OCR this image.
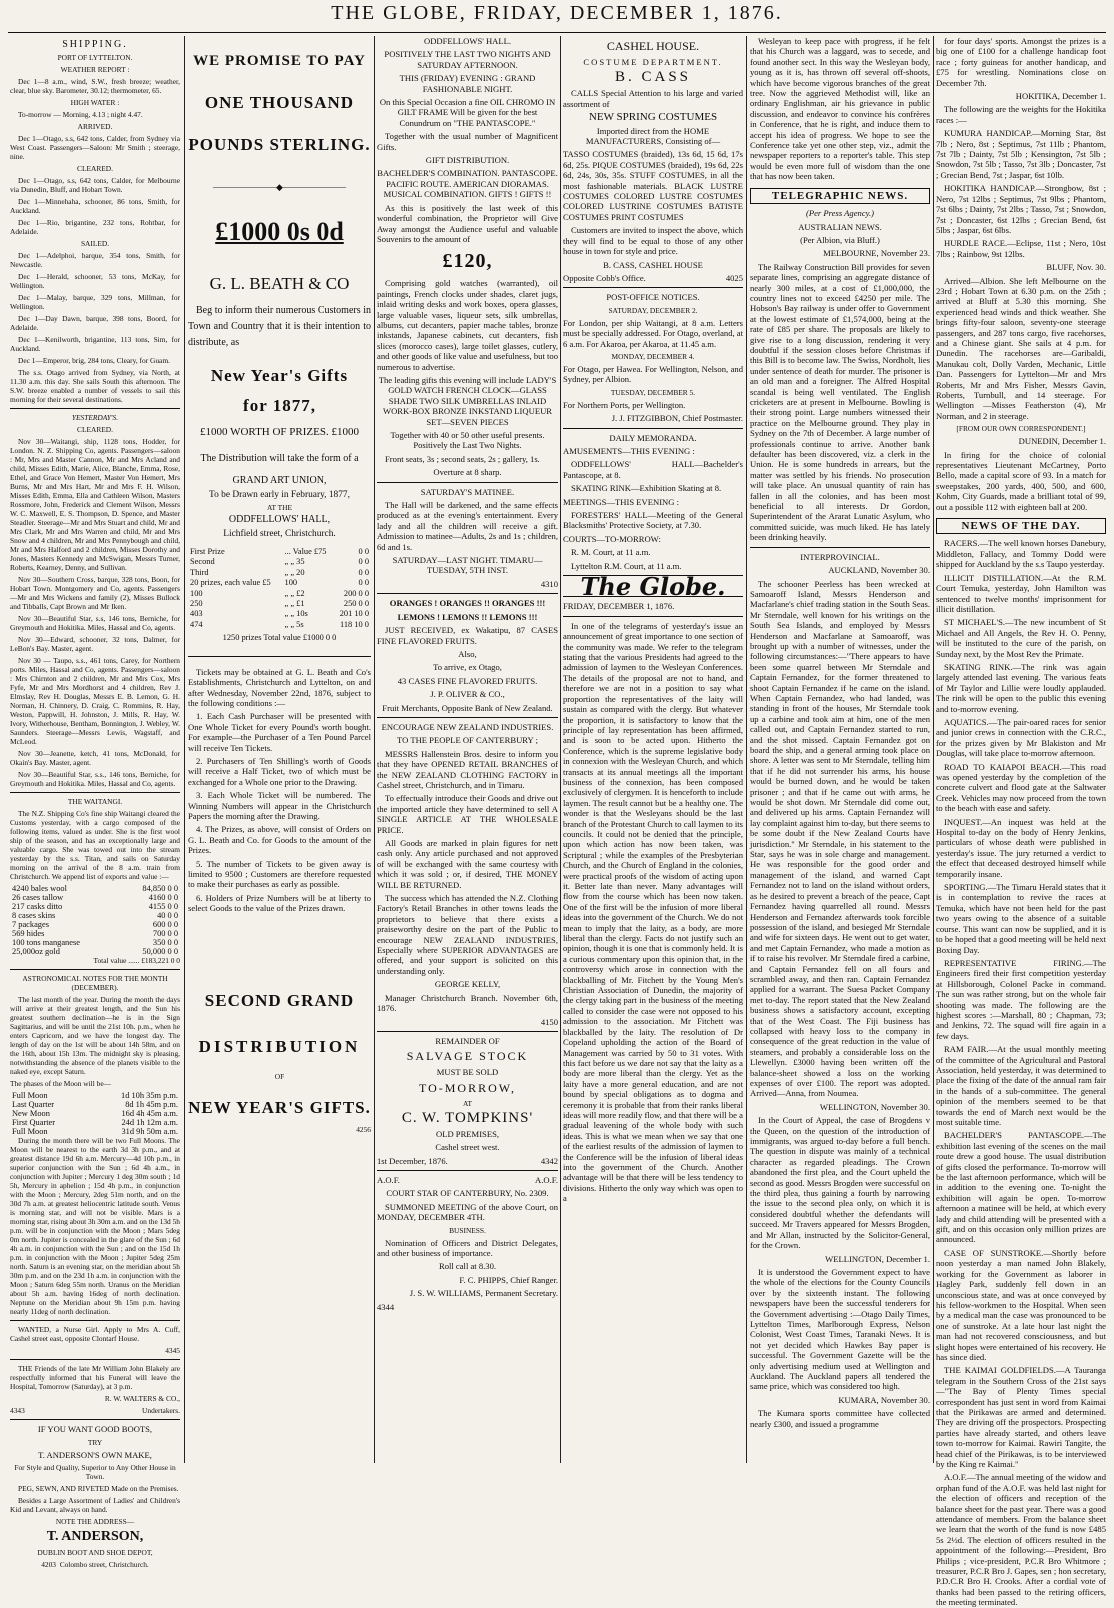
THE GLOBE, FRIDAY, DECEMBER 1, 1876.
SHIPPING.

PORT OF LYTTELTON.

WEATHER REPORT :

Dec 1—8 a.m., wind, S.W., fresh breeze; weather, clear, blue sky. Barometer, 30.12; thermometer, 65.

HIGH WATER :

To-morrow — Morning, 4.13 ; night 4.47.

ARRIVED.

Dec 1—Otago, s.s, 642 tons, Calder, from Sydney via West Coast. Passengers—Saloon: Mr Smith ; steerage, nine.

CLEARED.

Dec 1—Otago, s.s, 642 tons, Calder, for Melbourne via Dunedin, Bluff, and Hobart Town.

Dec 1—Minnehaha, schooner, 86 tons, Smith, for Auckland.

Dec 1—Rio, brigantine, 232 tons, Rohtbar, for Adelaide.

SAILED.

Dec 1—Adelphoi, barque, 354 tons, Smith, for Newcastle.

Dec 1—Herald, schooner, 53 tons, McKay, for Wellington.

Dec 1—Malay, barque, 329 tons, Millman, for Wellington.

Dec 1—Day Dawn, barque, 398 tons, Boord, for Adelaide.

Dec 1—Kenilworth, brigantine, 113 tons, Sim, for Auckland.

Dec 1—Emperor, brig, 284 tons, Cleary, for Guam.

The s.s. Otago arrived from Sydney, via North, at 11.30 a.m. this day. She sails South this afternoon. The S.W. breeze enabled a number of vessels to sail this morning for their several destinations.

YESTERDAY'S.

CLEARED.

Nov 30—Waitangi, ship, 1128 tons, Hodder, for London. N. Z. Shipping Co, agents. Passengers—saloon : Mr, Mrs and Master Cannon, Mr and Mrs Acland and child, Misses Edith, Marie, Alice, Blanche, Emma, Rose, Ethel, and Grace Von Hemert, Master Von Hemert, Mrs Burns, Mr and Mrs Hart, Mr and Mrs F. H. Wilson, Misses Edith, Emma, Ella and Cathleen Wilson, Masters Rossmore, John, Frederick and Clement Wilson, Messrs W. C. Maxwell, E. S. Thompson, D. Spence, and Master Steadler. Steerage—Mr and Mrs Stuart and child, Mr and Mrs Clark, Mr and Mrs Warren and child, Mr and Mrs Snow and 4 children, Mr and Mrs Pennybough and child, Mr and Mrs Halford and 2 children, Misses Dorothy and Jones, Masters Kennedy and McSwigan, Messrs Turner, Roberts, Kearney, Denny, and Sullivan.

Nov 30—Southern Cross, barque, 328 tons, Boon, for Hobart Town. Montgomery and Co, agents. Passengers—Mr and Mrs Wickens and family (2), Misses Bullock and Tibballs, Capt Brown and Mr Iken.

Nov 30—Beautiful Star, s.s, 146 tons, Berniche, for Greymouth and Hokitika. Miles, Hassal and Co, agents.

Nov 30—Edward, schooner, 32 tons, Dalmer, for LeBon's Bay. Master, agent.

Nov 30 — Taupo, s.s., 461 tons, Carey, for Northern ports. Miles, Hassal and Co, agents. Passengers—saloon : Mrs Chirnton and 2 children, Mr and Mrs Cox, Mrs Fyfe, Mr and Mrs Mordhorst and 4 children, Rev J. Elmslay, Rev H. Douglas, Messrs E. B. Lemon, G. H. Norman, H. Chinnery, D. Craig, C. Rommins, R. Hay, Weston, Pappwill, H. Johnston, J. Mills, R. Hay, W. Ivory, Witherhouse, Bentham, Bonnington, J. Webley, W. Saunders. Steerage—Messrs Lewis, Wagstaff, and McLeod.

Nov 30—Jeanette, ketch, 41 tons, McDonald, for Okain's Bay. Master, agent.

Nov 30—Beautiful Star, s.s., 146 tons, Berniche, for Greymouth and Hokitika. Miles, Hassal and Co, agents.

THE WAITANGI.

The N.Z. Shipping Co's fine ship Waitangi cleared the Customs yesterday, with a cargo composed of the following items, valued as under. She is the first wool ship of the season, and has an exceptionally large and valuable cargo. She was towed out into the stream yesterday by the s.s. Titan, and sails on Saturday morning on the arrival of the 8 a.m. train from Christchurch. We append list of exports and value :—

4240 bales wool	84,850 0 0
26 cases tallow	4160 0 0
217 casks ditto	4155 0 0
8 cases skins	40 0 0
7 packages	600 0 0
569 hides	700 0 0
100 tons manganese	350 0 0
25,000oz gold	50,000 0 0

Total value ...... £183,221 0 0

ASTRONOMICAL NOTES FOR THE MONTH (DECEMBER).

The last month of the year. During the month the days will arrive at their greatest length, and the Sun his greatest southern declination—he is in the Sign Sagittarius, and will be until the 21st 10h. p.m., when he enters Capricorn, and we have the longest day. The length of day on the 1st will be about 14h 58m, and on the 16th, about 15h 13m. The midnight sky is pleasing, notwithstanding the absence of the planets visible to the naked eye, except Saturn.

The phases of the Moon will be—

Full Moon	1d 10h 35m p.m.
Last Quarter	8d 1h 45m p.m.
New Moon	16d 4h 45m a.m.
First Quarter	24d 1h 12m a.m.
Full Moon	31d 9h 50m a.m.

During the month there will be two Full Moons. The Moon will be nearest to the earth 3d 3h p.m., and at greatest distance 19d 6h a.m. Mercury—4d 10h p.m., in superior conjunction with the Sun ; 6d 4h a.m., in conjunction with Jupiter ; Mercury 1 deg 30m south ; 1d 5h, Mercury in aphelion ; 15d 4h p.m., in conjunction with the Moon ; Mercury, 2deg 51m north, and on the 30d 7h a.m. at greatest heliocentric latitude south. Venus is morning star, and will not be visible. Mars is a morning star, rising about 3h 30m a.m. and on the 13d 5h p.m. will be in conjunction with the Moon ; Mars 5deg 0m north. Jupiter is concealed in the glare of the Sun ; 6d 4h a.m. in conjunction with the Sun ; and on the 15d 1h p.m. in conjunction with the Moon ; Jupiter 5deg 25m north. Saturn is an evening star, on the meridian about 5h 30m p.m. and on the 23d 1h a.m. in conjunction with the Moon ; Saturn 6deg 55m north. Uranus on the Meridian about 5h a.m. having 16deg of north declination. Neptune on the Meridian about 9h 15m p.m. having nearly 11deg of north declination.

WANTED, a Nurse Girl. Apply to Mrs A. Cuff, Cashel street east, opposite Clontarf House.

4345

THE Friends of the late Mr William John Blakely are respectfully informed that his Funeral will leave the Hospital, Tomorrow (Saturday), at 3 p.m.

R. W. WALTERS & CO.,

4343	Undertakers.

IF YOU WANT GOOD BOOTS,

TRY

T. ANDERSON'S OWN MAKE,

For Style and Quality, Superior to Any Other House in Town.

PEG, SEWN, AND RIVETED Made on the Premises.

Besides a Large Assortment of Ladies' and Children's Kid and Levant, always on hand.

NOTE THE ADDRESS—

T. ANDERSON,

DUBLIN BOOT AND SHOE DEPOT,

4203 Colombo street, Christchurch.

WE PROMISE TO PAY
ONE THOUSAND
POUNDS STERLING.
———————◆———————
£1000 0s 0d
G. L. BEATH & CO

Beg to inform their numerous Customers in Town and Country that it is their intention to distribute, as

New Year's Gifts
for 1877,
£1000 WORTH OF PRIZES. £1000

The Distribution will take the form of a

GRAND ART UNION,

To be Drawn early in February, 1877,

AT THE

ODDFELLOWS' HALL,

Lichfield street, Christchurch.

First Prize	... Value £75	0 0
Second	„ „ 35	0 0
Third	„ „ 20	0 0
20 prizes, each value £5	100	0 0
100	„ „ £2	200 0 0
250	„ „ £1	250 0 0
403	„ „ 10s	201 10 0
474	„ „ 5s	118 10 0

1250 prizes Total value £1000 0 0

Tickets may be obtained at G. L. Beath and Co's Establishments, Christchurch and Lyttelton, on and after Wednesday, November 22nd, 1876, subject to the following conditions :—

1. Each Cash Purchaser will be presented with One Whole Ticket for every Pound's worth bought. For example—the Purchaser of a Ten Pound Parcel will receive Ten Tickets.

2. Purchasers of Ten Shilling's worth of Goods will receive a Half Ticket, two of which must be exchanged for a Whole one prior to the Drawing.

3. Each Whole Ticket will be numbered. The Winning Numbers will appear in the Christchurch Papers the morning after the Drawing.

4. The Prizes, as above, will consist of Orders on G. L. Beath and Co. for Goods to the amount of the Prizes.

5. The number of Tickets to be given away is limited to 9500 ; Customers are therefore requested to make their purchases as early as possible.

6. Holders of Prize Numbers will be at liberty to select Goods to the value of the Prizes drawn.

SECOND GRAND
DISTRIBUTION
OF
NEW YEAR'S GIFTS.

4256

ODDFELLOWS' HALL.

POSITIVELY THE LAST TWO NIGHTS AND SATURDAY AFTERNOON.

THIS (FRIDAY) EVENING : GRAND FASHIONABLE NIGHT.

On this Special Occasion a fine OIL CHROMO IN GILT FRAME Will be given for the best Conundrum on "THE PANTASCOPE."

Together with the usual number of Magnificent Gifts.

GIFT DISTRIBUTION.

BACHELDER'S COMBINATION. PANTASCOPE. PACIFIC ROUTE. AMERICAN DIORAMAS. MUSICAL COMBINATION. GIFTS ! GIFTS !!

As this is positively the last week of this wonderful combination, the Proprietor will Give Away amongst the Audience useful and valuable Souvenirs to the amount of

£120,

Comprising gold watches (warranted), oil paintings, French clocks under shades, claret jugs, inlaid writing desks and work boxes, opera glasses, large valuable vases, liqueur sets, silk umbrellas, albums, cut decanters, papier mache tables, bronze inkstands, Japanese cabinets, cut decanters, fish slices (morocco cases), large toilet glasses, cutlery, and other goods of like value and usefulness, but too numerous to advertise.

The leading gifts this evening will include LADY'S GOLD WATCH FRENCH CLOCK—GLASS SHADE TWO SILK UMBRELLAS INLAID WORK-BOX BRONZE INKSTAND LIQUEUR SET—SEVEN PIECES

Together with 40 or 50 other useful presents. Positively the Last Two Nights.

Front seats, 3s ; second seats, 2s ; gallery, 1s.

Overture at 8 sharp.

SATURDAY'S MATINEE.

The Hall will be darkened, and the same effects produced as at the evening's entertainment. Every lady and all the children will receive a gift. Admission to matinee—Adults, 2s and 1s ; children, 6d and 1s.

SATURDAY—LAST NIGHT. TIMARU—TUESDAY, 5TH INST.

4310

ORANGES ! ORANGES !! ORANGES !!!

LEMONS ! LEMONS !! LEMONS !!!

JUST RECEIVED, ex Wakatipu, 87 CASES FINE FLAVORED FRUITS.

Also,

To arrive, ex Otago,

43 CASES FINE FLAVORED FRUITS.

J. P. OLIVER & CO.,

Fruit Merchants, Opposite Bank of New Zealand.

ENCOURAGE NEW ZEALAND INDUSTRIES.

TO THE PEOPLE OF CANTERBURY ;

MESSRS Hallenstein Bros. desire to inform you that they have OPENED RETAIL BRANCHES of the NEW ZEALAND CLOTHING FACTORY in Cashel street, Christchurch, and in Timaru.

To effectually introduce their Goods and drive out the imported article they have determined to sell A SINGLE ARTICLE AT THE WHOLESALE PRICE.

All Goods are marked in plain figures for nett cash only. Any article purchased and not approved of will be exchanged with the same courtesy with which it was sold ; or, if desired, THE MONEY WILL BE RETURNED.

The success which has attended the N.Z. Clothing Factory's Retail Branches in other towns leads the proprietors to believe that there exists a praiseworthy desire on the part of the Public to encourage NEW ZEALAND INDUSTRIES, Especially where SUPERIOR ADVANTAGES are offered, and your support is solicited on this understanding only.

GEORGE KELLY,

Manager Christchurch Branch. November 6th, 1876.

4150

REMAINDER OF

SALVAGE STOCK

MUST BE SOLD

TO-MORROW,

AT

C. W. TOMPKINS'

OLD PREMISES,

Cashel street west.

1st December, 1876.	4342

A.O.F.	A.O.F.

COURT STAR OF CANTERBURY, No. 2309.

SUMMONED MEETING of the above Court, on MONDAY, DECEMBER 4TH.

BUSINESS.

Nomination of Officers and District Delegates, and other business of importance.

Roll call at 8.30.

F. C. PHIPPS, Chief Ranger.

J. S. W. WILLIAMS, Permanent Secretary.

4344

CASHEL HOUSE.

COSTUME DEPARTMENT.

B. CASS

CALLS Special Attention to his large and varied assortment of

NEW SPRING COSTUMES

Imported direct from the HOME MANUFACTURERS, Consisting of—

TASSO COSTUMES (braided), 13s 6d, 15 6d, 17s 6d, 25s. PIQUE COSTUMES (braided), 19s 6d, 22s 6d, 24s, 30s, 35s. STUFF COSTUMES, in all the most fashionable materials. BLACK LUSTRE COSTUMES COLORED LUSTRE COSTUMES COLORED LUSTRINE COSTUMES BATISTE COSTUMES PRINT COSTUMES

Customers are invited to inspect the above, which they will find to be equal to those of any other house in town for style and price.

B. CASS, CASHEL HOUSE

Opposite Cobb's Office.	4025

POST-OFFICE NOTICES.

SATURDAY, DECEMBER 2.

For London, per ship Waitangi, at 8 a.m. Letters must be specially addressed. For Otago, overland, at 6 a.m. For Akaroa, per Akaroa, at 11.45 a.m.

MONDAY, DECEMBER 4.

For Otago, per Hawea. For Wellington, Nelson, and Sydney, per Albion.

TUESDAY, DECEMBER 5.

For Northern Ports, per Wellington.

J. J. FITZGIBBON, Chief Postmaster.

DAILY MEMORANDA.

AMUSEMENTS—THIS EVENING :

ODDFELLOWS' HALL—Bachelder's Pantascope, at 8.

SKATING RINK—Exhibition Skating at 8.

MEETINGS—THIS EVENING :

FORESTERS' HALL—Meeting of the General Blacksmiths' Protective Society, at 7.30.

COURTS—TO-MORROW:

R. M. Court, at 11 a.m.

Lyttelton R.M. Court, at 11 a.m.

The Globe.

FRIDAY, DECEMBER 1, 1876.

In one of the telegrams of yesterday's issue an announcement of great importance to one section of the community was made. We refer to the telegram stating that the various Presidents had agreed to the admission of laymen to the Wesleyan Conferences. The details of the proposal are not to hand, and therefore we are not in a position to say what proportion the representatives of the laity will sustain as compared with the clergy. But whatever the proportion, it is satisfactory to know that the principle of lay representation has been affirmed, and is soon to be acted upon. Hitherto the Conference, which is the supreme legislative body in connexion with the Wesleyan Church, and which transacts at its annual meetings all the important business of the connexion, has been composed exclusively of clergymen. It is henceforth to include laymen. The result cannot but be a healthy one. The wonder is that the Wesleyans should be the last branch of the Protestant Church to call laymen to its councils. It could not be denied that the principle, upon which action has now been taken, was Scriptural ; while the examples of the Presbyterian Church, and the Church of England in the colonies, were practical proofs of the wisdom of acting upon it. Better late than never. Many advantages will flow from the course which has been now taken. One of the first will be the infusion of more liberal ideas into the government of the Church. We do not mean to imply that the laity, as a body, are more liberal than the clergy. Facts do not justify such an opinion, though it is one that is commonly held. It is a curious commentary upon this opinion that, in the controversy which arose in connection with the blackballing of Mr. Fitchett by the Young Men's Christian Association of Dunedin, the majority of the clergy taking part in the business of the meeting called to consider the case were not opposed to his admission to the association. Mr Fitchett was blackballed by the laity. The resolution of Dr Copeland upholding the action of the Board of Management was carried by 50 to 31 votes. With this fact before us we dare not say that the laity as a body are more liberal than the clergy. Yet as the laity have a more general education, and are not bound by special obligations as to dogma and ceremony it is probable that from their ranks liberal ideas will more readily flow, and that there will be a gradual leavening of the whole body with such ideas. This is what we mean when we say that one of the earliest results of the admission of laymen to the Conference will be the infusion of liberal ideas into the government of the Church. Another advantage will be that there will be less tendency to divisions. Hitherto the only way which was open to a

Wesleyan to keep pace with progress, if he felt that his Church was a laggard, was to secede, and found another sect. In this way the Wesleyan body, young as it is, has thrown off several off-shoots, which have become vigorous branches of the great tree. Now the aggrieved Methodist will, like an ordinary Englishman, air his grievance in public discussion, and endeavor to convince his confrères in Conference, that he is right, and induce them to accept his idea of progress. We hope to see the Conference take yet one other step, viz., admit the newspaper reporters to a reporter's table. This step would be even more full of wisdom than the one that has now been taken.

TELEGRAPHIC NEWS.

(Per Press Agency.)

AUSTRALIAN NEWS.

(Per Albion, via Bluff.)

MELBOURNE, November 23.

The Railway Construction Bill provides for seven separate lines, comprising an aggregate distance of nearly 300 miles, at a cost of £1,000,000, the country lines not to exceed £4250 per mile. The Hobson's Bay railway is under offer to Government at the lowest estimate of £1,574,000, being at the rate of £85 per share. The proposals are likely to give rise to a long discussion, rendering it very doubtful if the session closes before Christmas if this Bill is to become law. The Swiss, Nordholt, lies under sentence of death for murder. The prisoner is an old man and a foreigner. The Alfred Hospital scandal is being well ventilated. The English cricketers are at present in Melbourne. Bowling is their strong point. Large numbers witnessed their practice on the Melbourne ground. They play in Sydney on the 7th of December. A large number of professionals continue to arrive. Another bank defaulter has been discovered, viz. a clerk in the Union. He is some hundreds in arrears, but the matter was settled by his friends. No prosecution will take place. An unusual quantity of rain has fallen in all the colonies, and has been most beneficial to all interests. Dr Gordon, Superintendent of the Ararat Lunatic Asylum, who committed suicide, was much liked. He has lately been drinking heavily.

INTERPROVINCIAL.

AUCKLAND, November 30.

The schooner Peerless has been wrecked at Samoaroff Island, Messrs Henderson and Macfarlane's chief trading station in the South Seas. Mr Sterndale, well known for his writings on the South Sea Islands, and employed by Messrs Henderson and Macfarlane at Samoaroff, was brought up with a number of witnesses, under the following circumstances:—"There appears to have been some quarrel between Mr Sterndale and Captain Fernandez, for the former threatened to shoot Captain Fernandez if he came on the island. When Captain Fernandez, who had landed, was standing in front of the houses, Mr Sterndale took up a carbine and took aim at him, one of the men called out, and Captain Fernandez started to run, and the shot missed. Captain Fernandez got on board the ship, and a general arming took place on shore. A letter was sent to Mr Sterndale, telling him that if he did not surrender his arms, his house would be burned down, and he would be taken prisoner ; and that if he came out with arms, he would be shot down. Mr Sterndale did come out, and delivered up his arms. Captain Fernandez will lay complaint against him to-day, but there seems to be some doubt if the New Zealand Courts have jurisdiction." Mr Sterndale, in his statement to the Star, says he was in sole charge and management. He was responsible for the good order and management of the island, and warned Capt Fernandez not to land on the island without orders, as he desired to prevent a breach of the peace, Capt Fernandez having quarrelled all round. Messrs Henderson and Fernandez afterwards took forcible possession of the island, and besieged Mr Sterndale and wife for sixteen days. He went out to get water, and met Captain Fernandez, who made a motion as if to raise his revolver. Mr Sterndale fired a carbine, and Captain Fernandez fell on all fours and scrambled away, and then ran. Captain Fernandez applied for a warrant. The Suesa Packet Company met to-day. The report stated that the New Zealand business shows a satisfactory account, excepting that of the West Coast. The Fiji business has collapsed with heavy loss to the company in consequence of the great reduction in the value of steamers, and probably a considerable loss on the Llewellyn. £3000 having been written off the balance-sheet showed a loss on the working expenses of over £100. The report was adopted. Arrived—Anna, from Noumea.

WELLINGTON, November 30.

In the Court of Appeal, the case of Brogdens v the Queen, on the question of the introduction of immigrants, was argued to-day before a full bench. The question in dispute was mainly of a technical character as regarded pleadings. The Crown abandoned the first plea, and the Court upheld the second as good. Messrs Brogden were successful on the third plea, thus gaining a fourth by narrowing the issue to the second plea only, on which it is considered doubtful whether the defendants will succeed. Mr Travers appeared for Messrs Brogden, and Mr Allan, instructed by the Solicitor-General, for the Crown.

WELLINGTON, December 1.

It is understood the Government expect to have the whole of the elections for the County Councils over by the sixteenth instant. The following newspapers have been the successful tenderers for the Government advertising :—Otago Daily Times, Lyttelton Times, Marlborough Express, Nelson Colonist, West Coast Times, Taranaki News. It is not yet decided which Hawkes Bay paper is successful. The Government Gazette will be the only advertising medium used at Wellington and Auckland. The Auckland papers all tendered the same price, which was considered too high.

KUMARA, November 30.

The Kumara sports committee have collected nearly £300, and issued a programme

for four days' sports. Amongst the prizes is a big one of £100 for a challenge handicap foot race ; forty guineas for another handicap, and £75 for wrestling. Nominations close on December 7th.

HOKITIKA, December 1.

The following are the weights for the Hokitika races :—

KUMURA HANDICAP.—Morning Star, 8st 7lb ; Nero, 8st ; Septimus, 7st 11lb ; Phantom, 7st 7lb ; Dainty, 7st 5lb ; Kensington, 7st 5lb ; Snowdon, 7st 5lb ; Tasso, 7st 3lb ; Doncaster, 7st ; Grecian Bend, 7st ; Jaspar, 6st 10lb.

HOKITIKA HANDICAP.—Strongbow, 8st ; Nero, 7st 12lbs ; Septimus, 7st 9lbs ; Phantom, 7st 6lbs ; Dainty, 7st 2lbs ; Tasso, 7st ; Snowdon, 7st ; Doncaster, 6st 12lbs ; Grecian Bend, 6st 5lbs ; Jaspar, 6st 6lbs.

HURDLE RACE.—Eclipse, 11st ; Nero, 10st 7lbs ; Rainbow, 9st 12lbs.

BLUFF, Nov. 30.

Arrived—Albion. She left Melbourne on the 23rd ; Hobart Town at 6.30 p.m. on the 25th ; arrived at Bluff at 5.30 this morning. She experienced head winds and thick weather. She brings fifty-four saloon, seventy-one steerage passengers, and 287 tons cargo, five racehorses, and a Chinese giant. She sails at 4 p.m. for Dunedin. The racehorses are—Garibaldi, Manukau colt, Dolly Varden, Mechanic, Little Dan. Passengers for Lyttelton—Mr and Mrs Roberts, Mr and Mrs Fisher, Messrs Gavin, Roberts, Turnbull, and 14 steerage. For Wellington —Misses Featherston (4), Mr Norman, and 2 in steerage.

[FROM OUR OWN CORRESPONDENT.]

DUNEDIN, December 1.

In firing for the choice of colonial representatives Lieutenant McCartney, Porto Bello, made a capital score of 93. In a match for sweepstakes, 200 yards, 400, 500, and 600, Kohm, City Guards, made a brilliant total of 99, out a possible 112 with eighteen ball at 200.

NEWS OF THE DAY.

RACERS.—The well known horses Danebury, Middleton, Fallacy, and Tommy Dodd were shipped for Auckland by the s.s Taupo yesterday.

ILLICIT DISTILLATION.—At the R.M. Court Temuka, yesterday, John Hamilton was sentenced to twelve months' imprisonment for illicit distillation.

ST MICHAEL'S.—The new incumbent of St Michael and All Angels, the Rev H. O. Penny, will be instituted to the cure of the parish, on Sunday next, by the Most Rev the Primate.

SKATING RINK.—The rink was again largely attended last evening. The various feats of Mr Taylor and Lillie were loudly applauded. The rink will be open to the public this evening and to-morrow evening.

AQUATICS.—The pair-oared races for senior and junior crews in connection with the C.R.C., for the prizes given by Mr Blakiston and Mr Douglas, will take place to-morrow afternoon.

ROAD TO KAIAPOI BEACH.—This road was opened yesterday by the completion of the concrete culvert and flood gate at the Saltwater Creek. Vehicles may now proceed from the town to the beach with ease and safety.

INQUEST.—An inquest was held at the Hospital to-day on the body of Henry Jenkins, particulars of whose death were published in yesterday's issue. The jury returned a verdict to the effect that deceased destroyed himself while temporarily insane.

SPORTING.—The Timaru Herald states that it is in contemplation to revive the races at Temuka, which have not been held for the past two years owing to the absence of a suitable course. This want can now be supplied, and it is to be hoped that a good meeting will be held next Boxing Day.

REPRESENTATIVE FIRING.—The Engineers fired their first competition yesterday at Hillsborough, Colonel Packe in command. The sun was rather strong, but on the whole fair shooting was made. The following are the highest scores :—Marshall, 80 ; Chapman, 73; and Jenkins, 72. The squad will fire again in a few days.

RAM FAIR.—At the usual monthly meeting of the committee of the Agricultural and Pastoral Association, held yesterday, it was determined to place the fixing of the date of the annual ram fair in the hands of a sub-committee. The general opinion of the members seemed to be that towards the end of March next would be the most suitable time.

BACHELDER'S PANTASCOPE.—The exhibition last evening of the scenes on the mail route drew a good house. The usual distribution of gifts closed the performance. To-morrow will be the last afternoon performance, which will be in addition to the evening one. To-night the exhibition will again be open. To-morrow afternoon a matinee will be held, at which every lady and child attending will be presented with a gift, and on this occasion only million prizes are announced.

CASE OF SUNSTROKE.—Shortly before noon yesterday a man named John Blakely, working for the Government as laborer in Hagley Park, suddenly fell down in an unconscious state, and was at once conveyed by his fellow-workmen to the Hospital. When seen by a medical man the case was pronounced to be one of sunstroke. At a late hour last night the man had not recovered consciousness, and but slight hopes were entertained of his recovery. He has since died.

THE KAIMAI GOLDFIELDS.—A Tauranga telegram in the Southern Cross of the 21st says—"The Bay of Plenty Times special correspondent has just sent in word from Kaimai that the Pirikawas are armed and determined. They are driving off the prospectors. Prospecting parties have already started, and others leave town to-morrow for Kaimai. Rawiri Tangite, the head chief of the Pirikawas, is to be interviewed by the King re Kaimai."

A.O.F.—The annual meeting of the widow and orphan fund of the A.O.F. was held last night for the election of officers and reception of the balance sheet for the past year. There was a good attendance of members. From the balance sheet we learn that the worth of the fund is now £485 5s 2½d. The election of officers resulted in the appointment of the following:—President, Bro Philips ; vice-president, P.C.R Bro Whitmore ; treasurer, P.C.R Bro J. Gapes, sen ; hon secretary, P.D.C.R Bro H. Crooks. After a cordial vote of thanks had been passed to the retiring officers, the meeting terminated.
